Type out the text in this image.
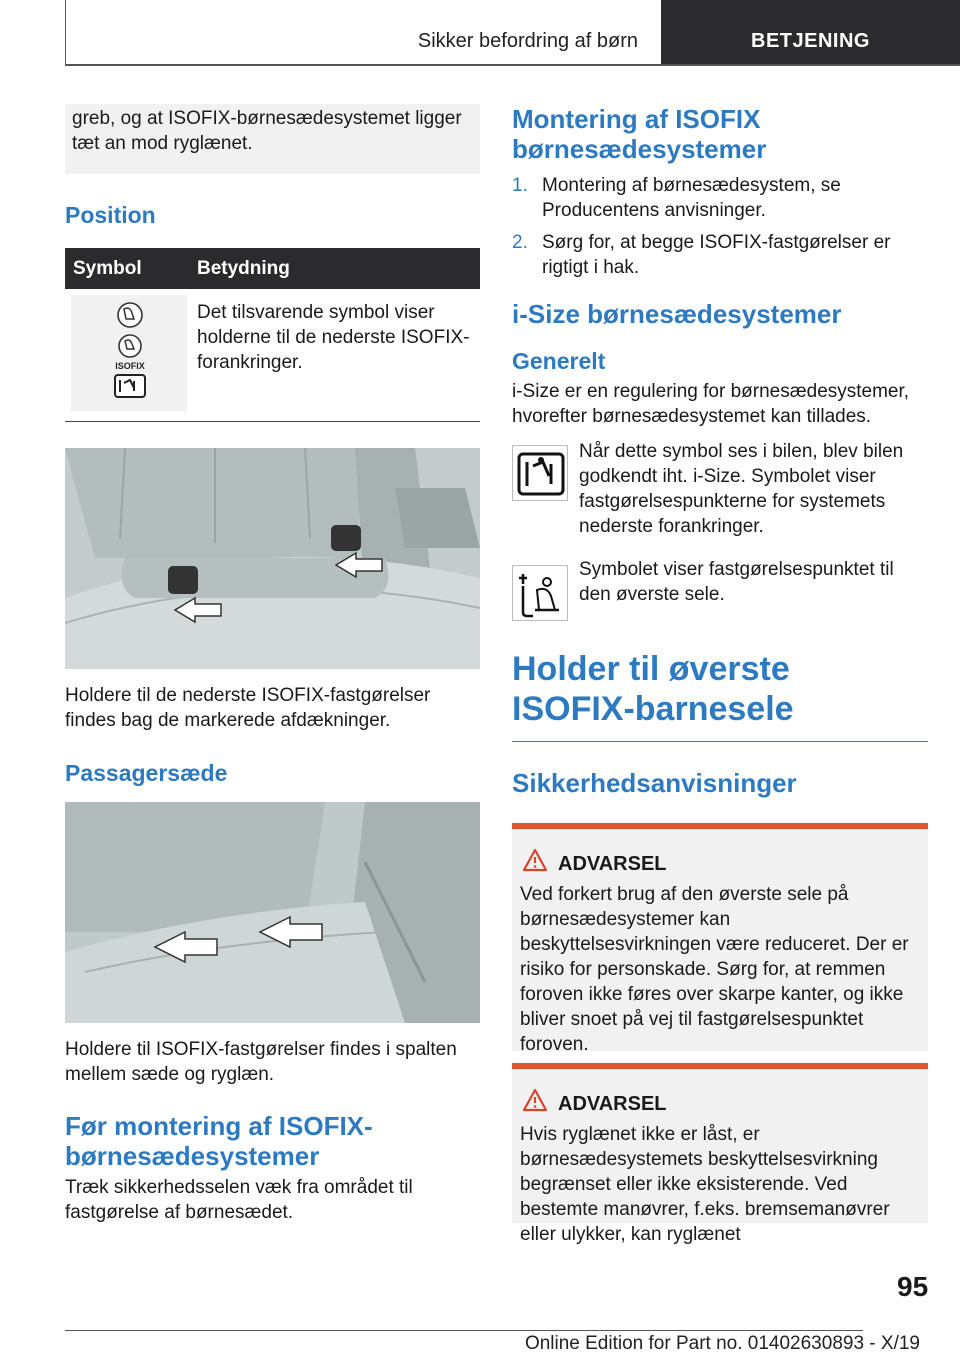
Sikker befordring af børn	BETJENING
greb, og at ISOFIX-børnesædesystemet ligger tæt an mod ryglænet.
Position
Symbol	Betydning

ISOFIX	Det tilsvarende symbol viser holderne til de nederste ISOFIX-forankringer.
Holdere til de nederste ISOFIX-fastgørelser findes bag de markerede afdækninger.
Passagersæde
Holdere til ISOFIX-fastgørelser findes i spalten mellem sæde og ryglæn.
Før montering af ISOFIX-børnesædesystemer
Træk sikkerhedsselen væk fra området til fastgørelse af børnesædet.
Montering af ISOFIX børnesædesystemer
1. Montering af børnesædesystem, se Producentens anvisninger.
2. Sørg for, at begge ISOFIX-fastgørelser er rigtigt i hak.
i-Size børnesædesystemer
Generelt
i-Size er en regulering for børnesædesystemer, hvorefter børnesædesystemet kan tillades.
Når dette symbol ses i bilen, blev bilen godkendt iht. i-Size. Symbolet viser fastgørelsespunkterne for systemets nederste forankringer.
Symbolet viser fastgørelsespunktet til den øverste sele.
Holder til øverste ISOFIX-barnesele
Sikkerhedsanvisninger
ADVARSEL
Ved forkert brug af den øverste sele på børnesædesystemer kan beskyttelsesvirkningen være reduceret. Der er risiko for personskade. Sørg for, at remmen foroven ikke føres over skarpe kanter, og ikke bliver snoet på vej til fastgørelsespunktet foroven.
ADVARSEL
Hvis ryglænet ikke er låst, er børnesædesystemets beskyttelsesvirkning begrænset eller ikke eksisterende. Ved bestemte manøvrer, f.eks. bremsemanøvrer eller ulykker, kan ryglænet
95
Online Edition for Part no. 01402630893 - X/19
